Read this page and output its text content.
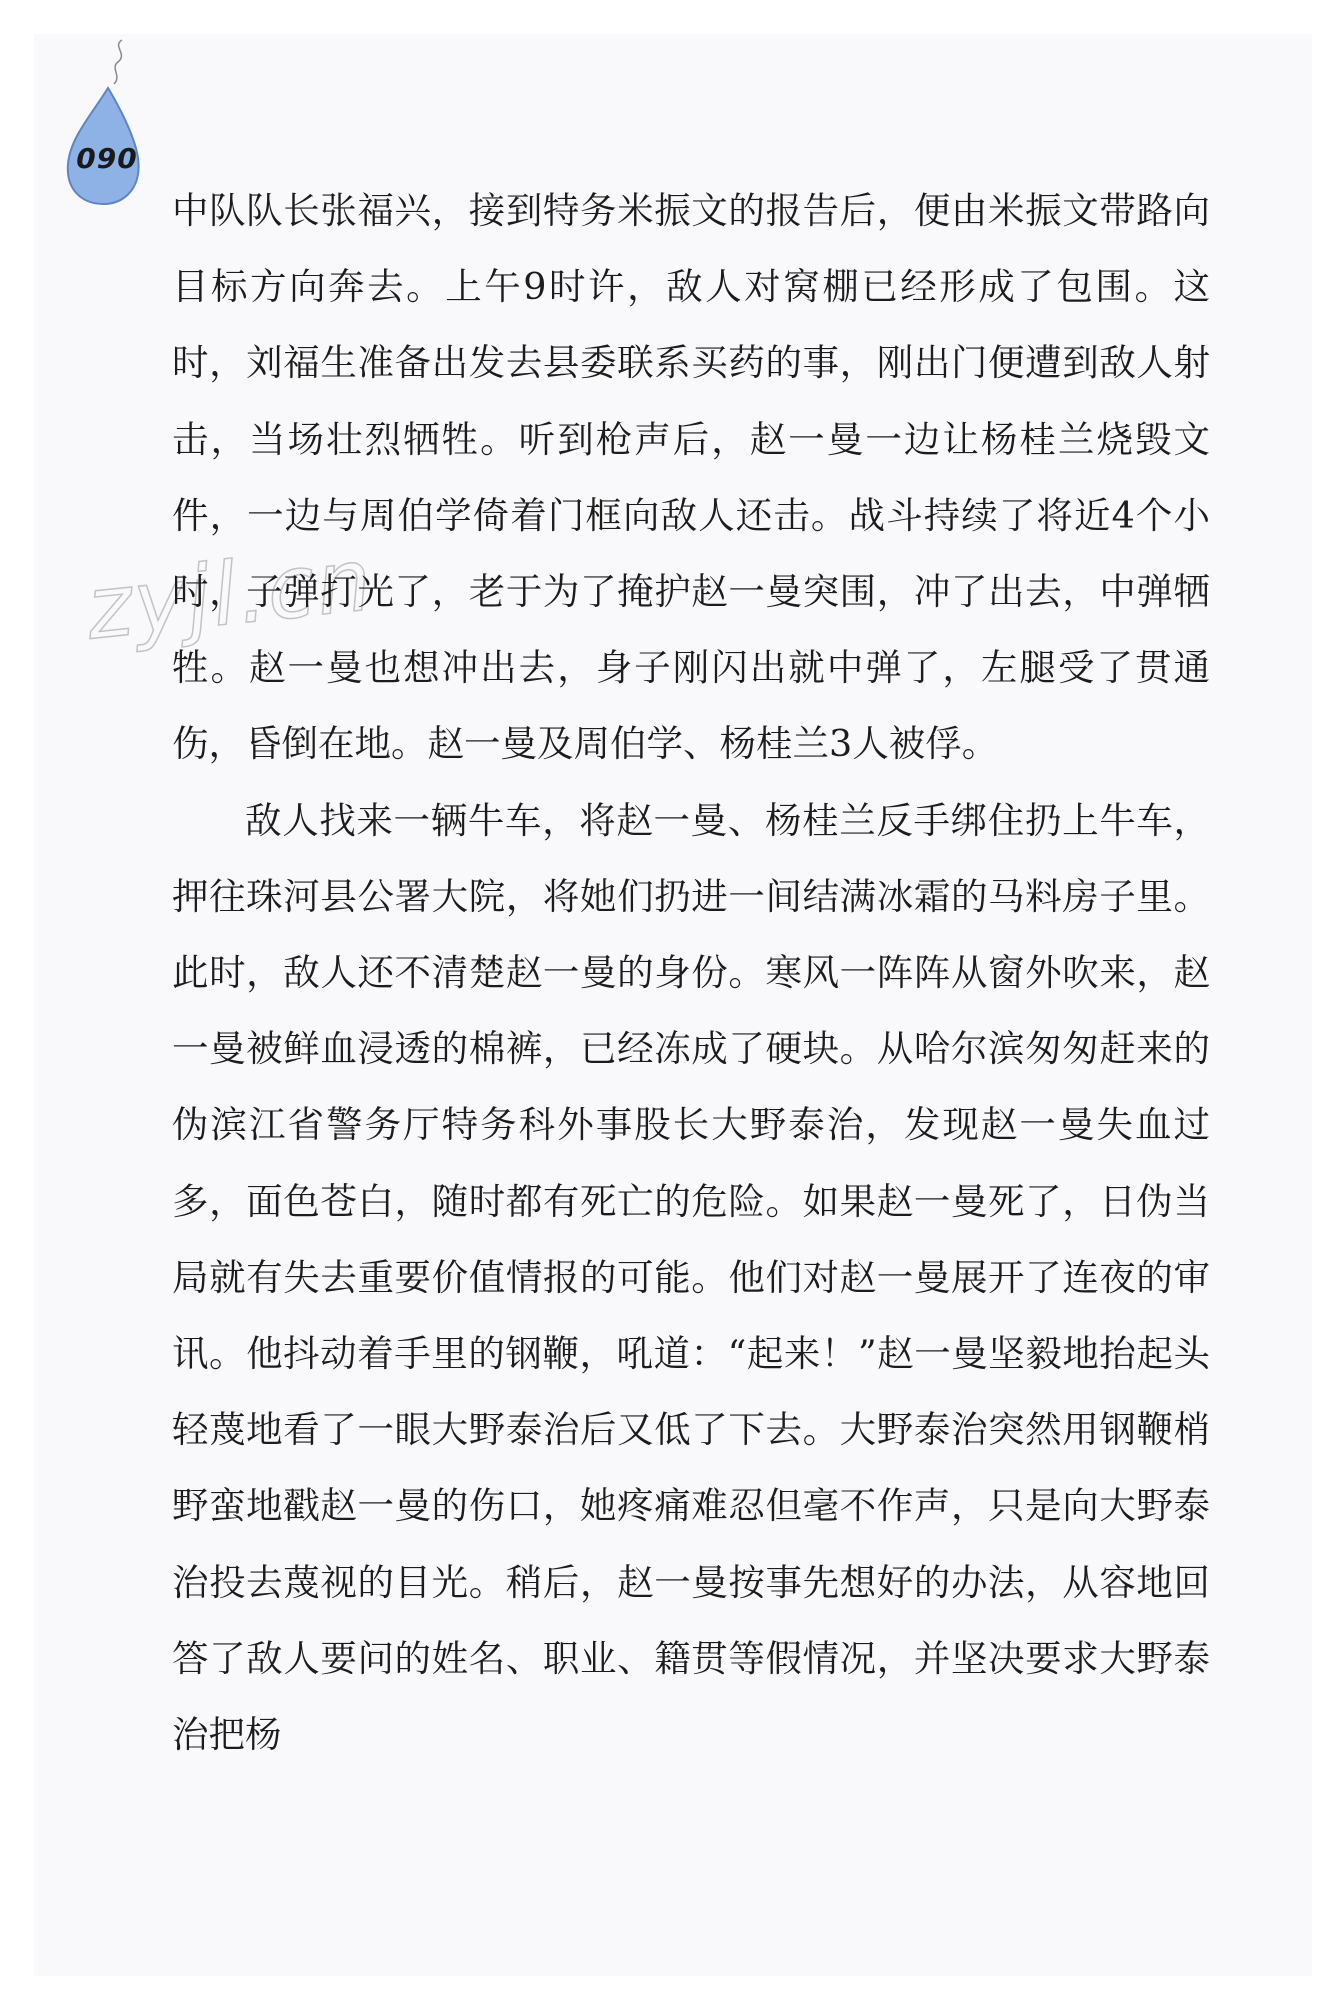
090
zyjl.cn

中队队长张福兴，接到特务米振文的报告后，便由米振文带路向目标方向奔去。上午9时许，敌人对窝棚已经形成了包围。这时，刘福生准备出发去县委联系买药的事，刚出门便遭到敌人射击，当场壮烈牺牲。听到枪声后，赵一曼一边让杨桂兰烧毁文件，一边与周伯学倚着门框向敌人还击。战斗持续了将近4个小时，子弹打光了，老于为了掩护赵一曼突围，冲了出去，中弹牺牲。赵一曼也想冲出去，身子刚闪出就中弹了，左腿受了贯通伤，昏倒在地。赵一曼及周伯学、杨桂兰3人被俘。

敌人找来一辆牛车，将赵一曼、杨桂兰反手绑住扔上牛车，押往珠河县公署大院，将她们扔进一间结满冰霜的马料房子里。此时，敌人还不清楚赵一曼的身份。寒风一阵阵从窗外吹来，赵一曼被鲜血浸透的棉裤，已经冻成了硬块。从哈尔滨匆匆赶来的伪滨江省警务厅特务科外事股长大野泰治，发现赵一曼失血过多，面色苍白，随时都有死亡的危险。如果赵一曼死了，日伪当局就有失去重要价值情报的可能。他们对赵一曼展开了连夜的审讯。他抖动着手里的钢鞭，吼道：“起来！”赵一曼坚毅地抬起头轻蔑地看了一眼大野泰治后又低了下去。大野泰治突然用钢鞭梢野蛮地戳赵一曼的伤口，她疼痛难忍但毫不作声，只是向大野泰治投去蔑视的目光。稍后，赵一曼按事先想好的办法，从容地回答了敌人要问的姓名、职业、籍贯等假情况，并坚决要求大野泰治把杨
